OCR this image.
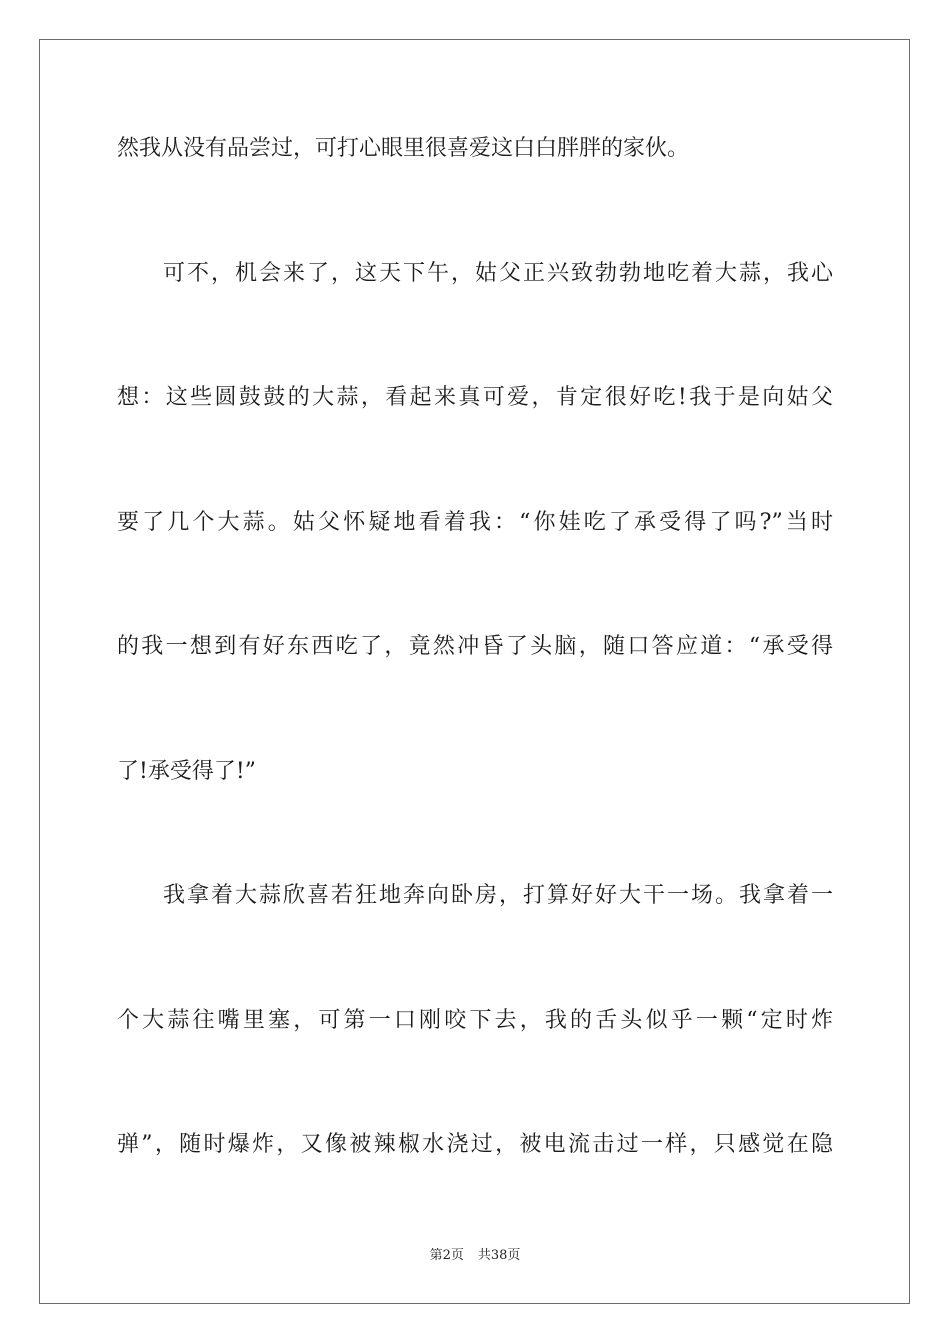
然我从没有品尝过，可打心眼里很喜爱这白白胖胖的家伙。
可不，机会来了，这天下午，姑父正兴致勃勃地吃着大蒜，我心
想：这些圆鼓鼓的大蒜，看起来真可爱，肯定很好吃!我于是向姑父
要了几个大蒜。姑父怀疑地看着我：“你娃吃了承受得了吗?”当时
的我一想到有好东西吃了，竟然冲昏了头脑，随口答应道：“承受得
了!承受得了!”
我拿着大蒜欣喜若狂地奔向卧房，打算好好大干一场。我拿着一
个大蒜往嘴里塞，可第一口刚咬下去，我的舌头似乎一颗“定时炸
弹”，随时爆炸，又像被辣椒水浇过，被电流击过一样，只感觉在隐
第2页 共38页
